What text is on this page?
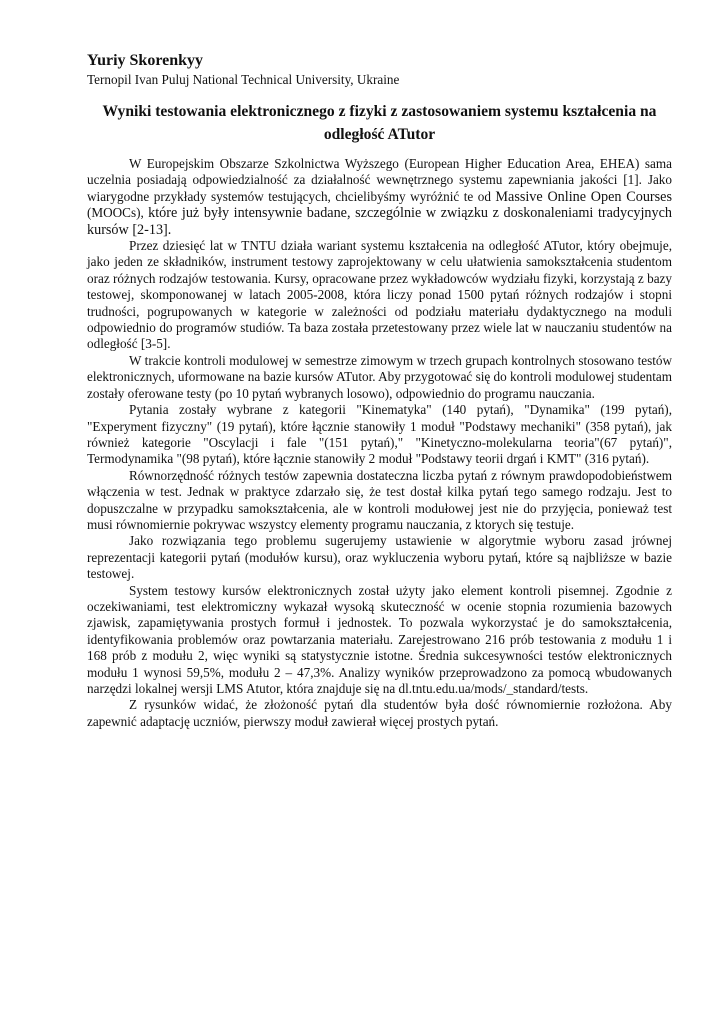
Yuriy Skorenkyy

Ternopil Ivan Puluj National Technical University, Ukraine

Wyniki testowania elektronicznego z fizyki z zastosowaniem systemu kształcenia na odległość ATutor

W Europejskim Obszarze Szkolnictwa Wyższego (European Higher Education Area, EHEA) sama uczelnia posiadają odpowiedzialność za działalność wewnętrznego systemu zapewniania jakości [1]. Jako wiarygodne przykłady systemów testujących, chcielibyśmy wyróżnić te od Massive Online Open Courses (MOOCs), które już były intensywnie badane, szczególnie w związku z doskonaleniami tradycyjnych kursów [2-13].

Przez dziesięć lat w TNTU działa wariant systemu kształcenia na odległość ATutor, który obejmuje, jako jeden ze składników, instrument testowy zaprojektowany w celu ułatwienia samokształcenia studentom oraz różnych rodzajów testowania. Kursy, opracowane przez wykładowców wydziału fizyki, korzystają z bazy testowej, skomponowanej w latach 2005-2008, która liczy ponad 1500 pytań różnych rodzajów i stopni trudności, pogrupowanych w kategorie w zależności od podziału materiału dydaktycznego na moduli odpowiednio do programów studiów. Ta baza została przetestowany przez wiele lat w nauczaniu studentów na odległość [3-5].

W trakcie kontroli modulowej w semestrze zimowym w trzech grupach kontrolnych stosowano testów elektronicznych, uformowane na bazie kursów ATutor. Aby przygotować się do kontroli modulowej studentam zostały oferowane testy (po 10 pytań wybranych losowo), odpowiednio do programu nauczania.

Pytania zostały wybrane z kategorii "Kinematyka" (140 pytań), "Dynamika" (199 pytań), "Experyment fizyczny" (19 pytań), które łącznie stanowiły 1 moduł "Podstawy mechaniki" (358 pytań), jak również kategorie "Oscylacji i fale "(151 pytań)," "Kinetyczno-molekularna teoria"(67 pytań)", Termodynamika "(98 pytań), które łącznie stanowiły 2 moduł "Podstawy teorii drgań i KMT" (316 pytań).

Równorzędność różnych testów zapewnia dostateczna liczba pytań z równym prawdopodobieństwem włączenia w test. Jednak w praktyce zdarzało się, że test dostał kilka pytań tego samego rodzaju. Jest to dopuszczalne w przypadku samokształcenia, ale w kontroli modułowej jest nie do przyjęcia, ponieważ test musi równomiernie pokrywac wszystcy elementy programu nauczania, z ktorych się testuje.

Jako rozwiązania tego problemu sugerujemy ustawienie w algorytmie wyboru zasad jrównej reprezentacji kategorii pytań (modułów kursu), oraz wykluczenia wyboru pytań, które są najbliższe w bazie testowej.

System testowy kursów elektronicznych został użyty jako element kontroli pisemnej. Zgodnie z oczekiwaniami, test elektromiczny wykazał wysoką skuteczność w ocenie stopnia rozumienia bazowych zjawisk, zapamiętywania prostych formuł i jednostek. To pozwala wykorzystać je do samokształcenia, identyfikowania problemów oraz powtarzania materiału. Zarejestrowano 216 prób testowania z modułu 1 i 168 prób z modułu 2, więc wyniki są statystycznie istotne. Średnia sukcesywności testów elektronicznych modułu 1 wynosi 59,5%, modułu 2 – 47,3%. Analizy wyników przeprowadzono za pomocą wbudowanych narzędzi lokalnej wersji LMS Atutor, która znajduje się na dl.tntu.edu.ua/mods/_standard/tests.

Z rysunków widać, że złożoność pytań dla studentów była dość równomiernie rozłożona. Aby zapewnić adaptację uczniów, pierwszy moduł zawierał więcej prostych pytań.
